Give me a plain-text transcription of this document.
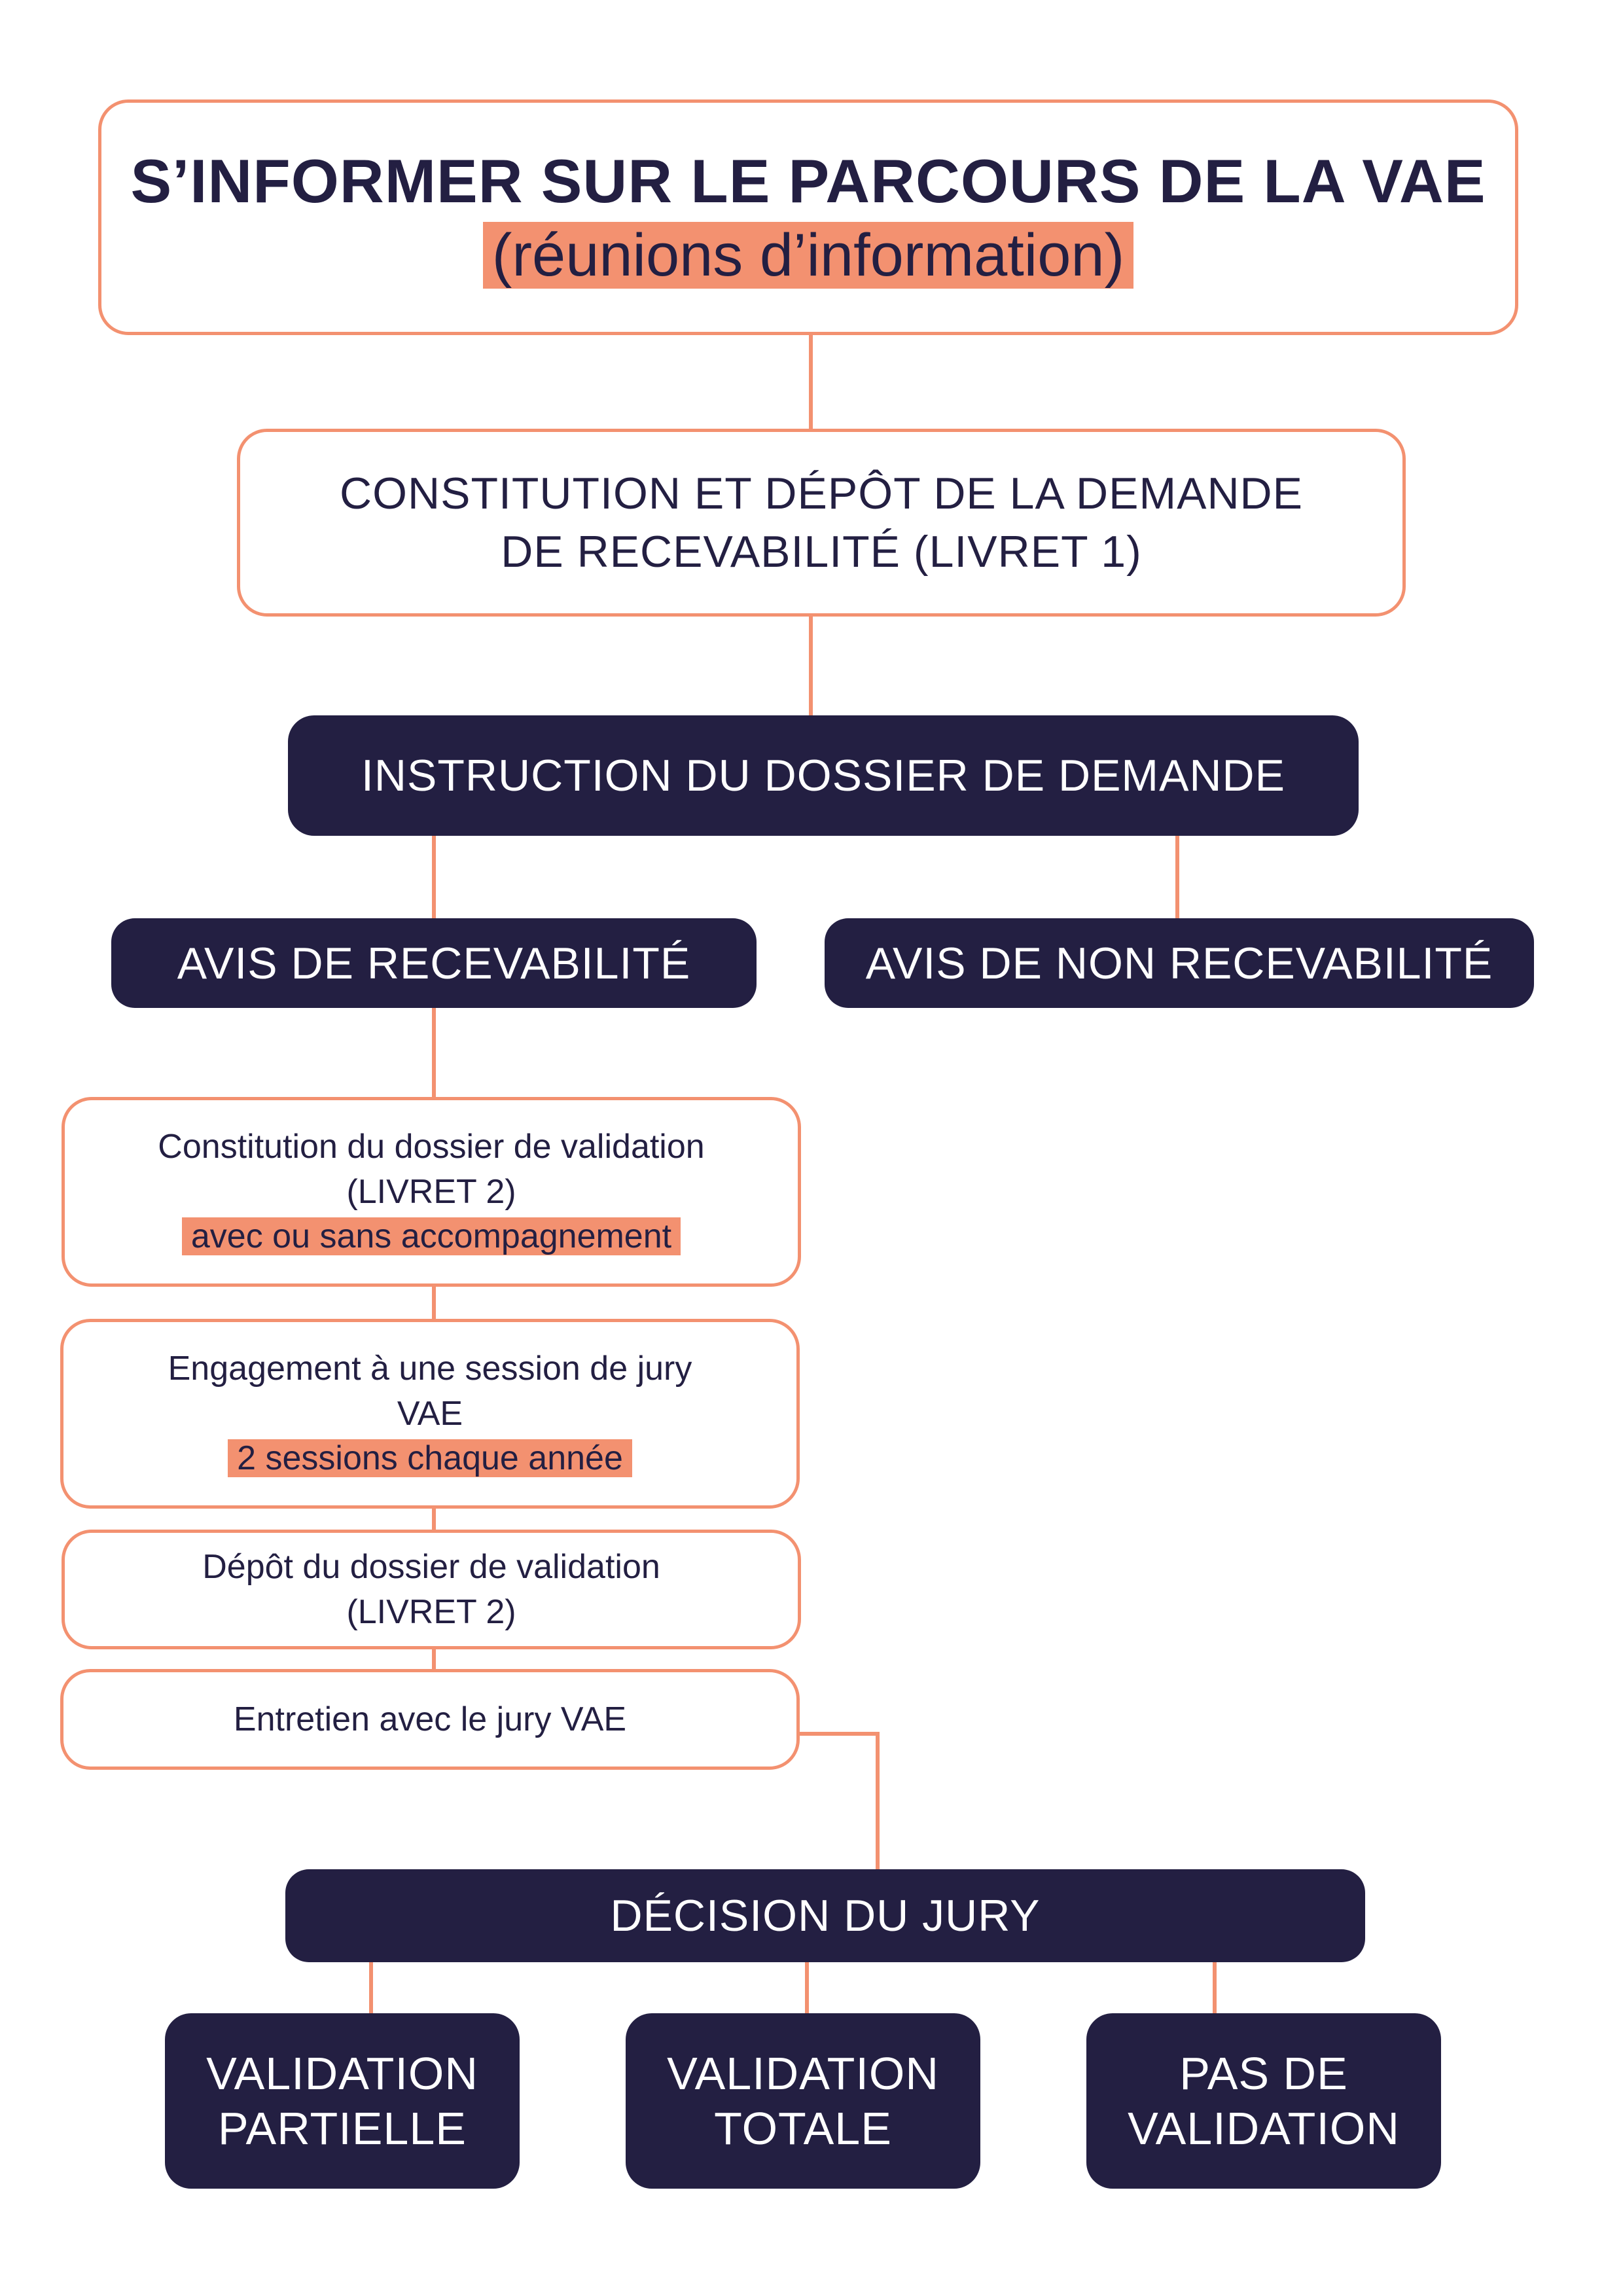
S’INFORMER SUR LE PARCOURS DE LA VAE
(réunions d’information)
CONSTITUTION ET DÉPÔT DE LA DEMANDE
DE RECEVABILITÉ (LIVRET 1)
INSTRUCTION DU DOSSIER DE DEMANDE
AVIS DE RECEVABILITÉ	AVIS DE NON RECEVABILITÉ
Constitution du dossier de validation
(LIVRET 2)
avec ou sans accompagnement
Engagement à une session de jury
VAE
2 sessions chaque année
Dépôt du dossier de validation
(LIVRET 2)
Entretien avec le jury VAE
DÉCISION DU JURY
VALIDATION
PARTIELLE
VALIDATION
TOTALE
PAS DE
VALIDATION
